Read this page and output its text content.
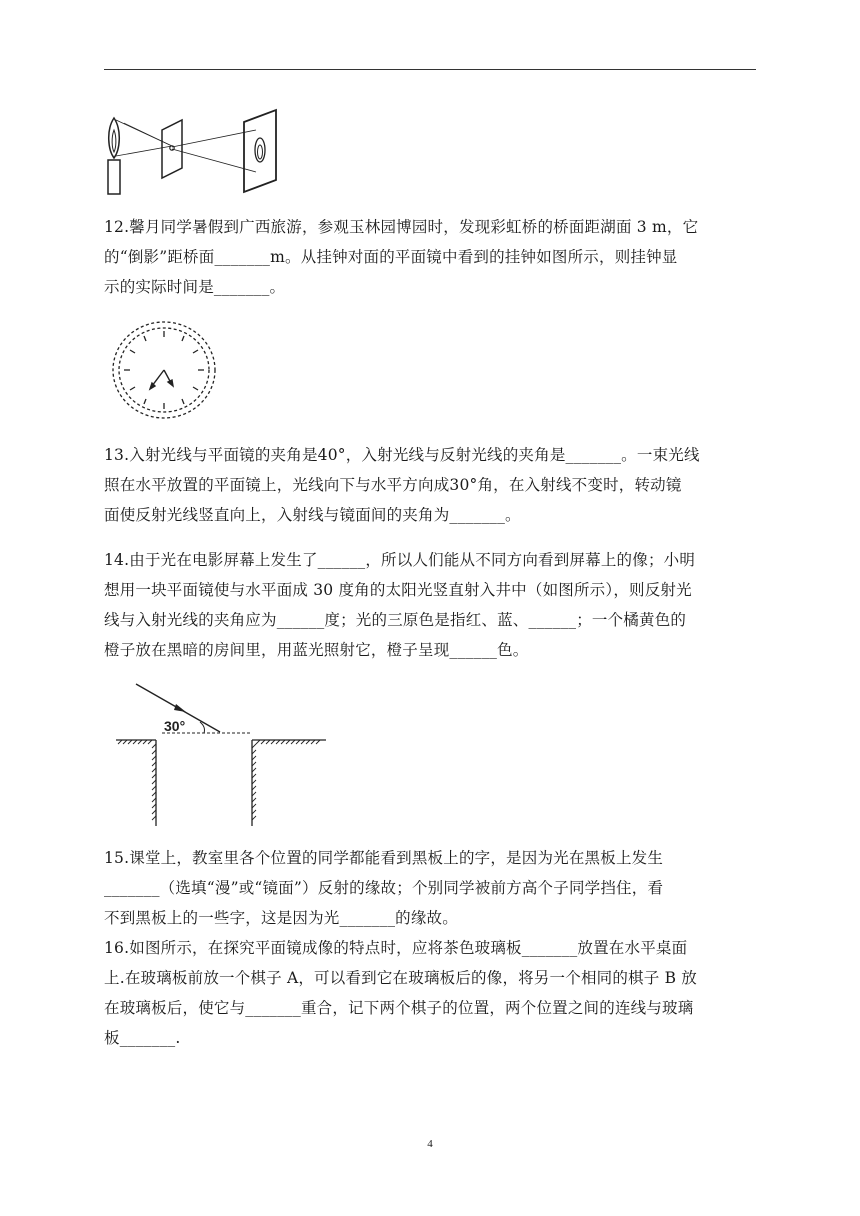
12.馨月同学暑假到广西旅游，参观玉林园博园时，发现彩虹桥的桥面距湖面 3 m，它
的“倒影”距桥面_______m。从挂钟对面的平面镜中看到的挂钟如图所示，则挂钟显
示的实际时间是_______。
13.入射光线与平面镜的夹角是40°，入射光线与反射光线的夹角是_______。一束光线
照在水平放置的平面镜上，光线向下与水平方向成30°角，在入射线不变时，转动镜
面使反射光线竖直向上，入射线与镜面间的夹角为_______。
14.由于光在电影屏幕上发生了______，所以人们能从不同方向看到屏幕上的像；小明
想用一块平面镜使与水平面成 30 度角的太阳光竖直射入井中（如图所示），则反射光
线与入射光线的夹角应为______度；光的三原色是指红、蓝、______；一个橘黄色的
橙子放在黑暗的房间里，用蓝光照射它，橙子呈现______色。
30°
15.课堂上，教室里各个位置的同学都能看到黑板上的字，是因为光在黑板上发生
_______（选填“漫”或“镜面”）反射的缘故；个别同学被前方高个子同学挡住，看
不到黑板上的一些字，这是因为光_______的缘故。
16.如图所示，在探究平面镜成像的特点时，应将茶色玻璃板_______放置在水平桌面
上.在玻璃板前放一个棋子 A，可以看到它在玻璃板后的像，将另一个相同的棋子 B 放
在玻璃板后，使它与_______重合，记下两个棋子的位置，两个位置之间的连线与玻璃
板_______.
4
